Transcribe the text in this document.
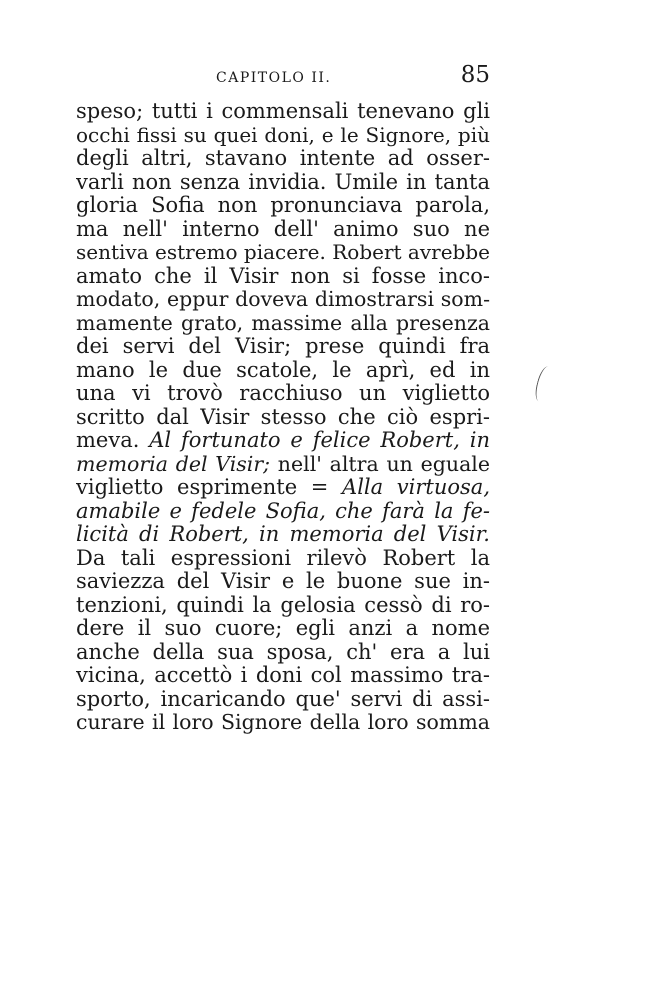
CAPITOLO II.	85
speso; tutti i commensali tenevano gli
occhi fissi su quei doni, e le Signore, più
degli altri, stavano intente ad osser-
varli non senza invidia. Umile in tanta
gloria Sofia non pronunciava parola,
ma nell' interno dell' animo suo ne
sentiva estremo piacere. Robert avrebbe
amato che il Visir non si fosse inco-
modato, eppur doveva dimostrarsi som-
mamente grato, massime alla presenza
dei servi del Visir; prese quindi fra
mano le due scatole, le aprì, ed in
una vi trovò racchiuso un viglietto
scritto dal Visir stesso che ciò espri-
meva. Al fortunato e felice Robert, in
memoria del Visir; nell' altra un eguale
viglietto esprimente = Alla virtuosa,
amabile e fedele Sofia, che farà la fe-
licità di Robert, in memoria del Visir.
Da tali espressioni rilevò Robert la
saviezza del Visir e le buone sue in-
tenzioni, quindi la gelosia cessò di ro-
dere il suo cuore; egli anzi a nome
anche della sua sposa, ch' era a lui
vicina, accettò i doni col massimo tra-
sporto, incaricando que' servi di assi-
curare il loro Signore della loro somma
